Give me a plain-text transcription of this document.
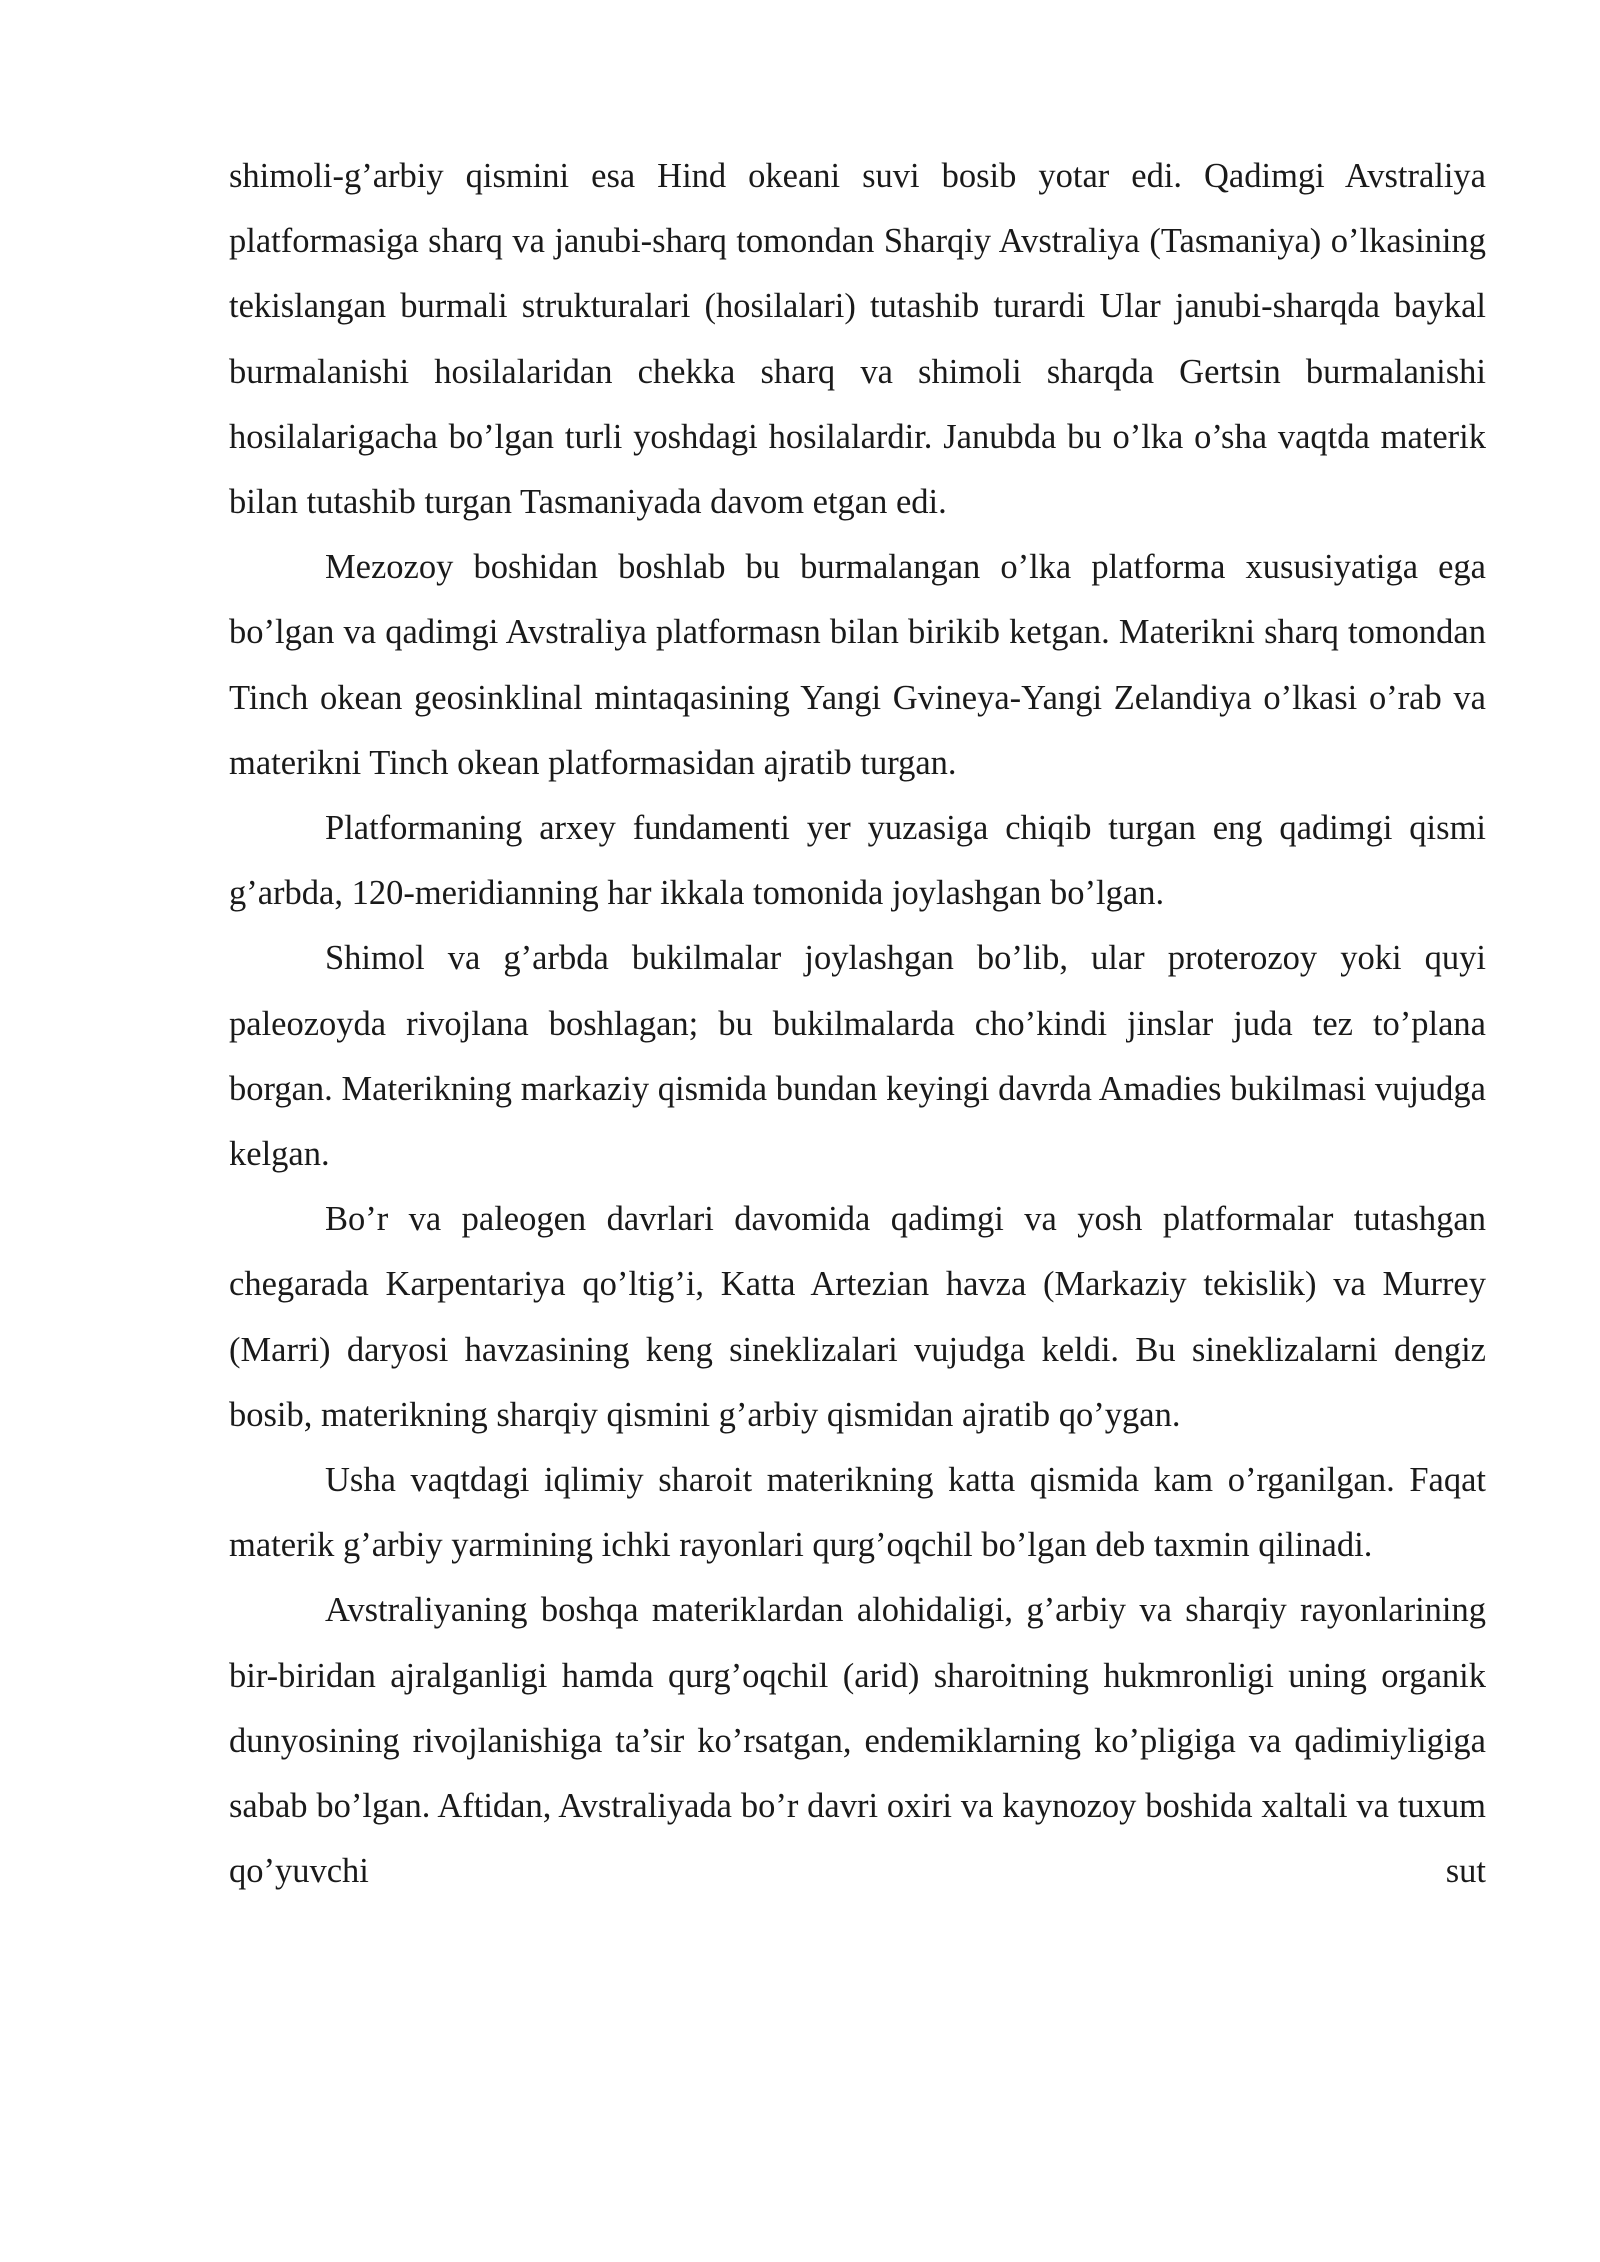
shimoli-g’arbiy qismini esa Hind okeani suvi bosib yotar edi. Qadimgi Avstraliya platformasiga sharq va janubi-sharq tomondan Sharqiy Avstraliya (Tasmaniya) o’lkasining tekislangan burmali strukturalari (hosilalari) tutashib turardi Ular janubi-sharqda baykal burmalanishi hosilalaridan chekka sharq va shimoli sharqda Gertsin burmalanishi hosilalarigacha bo’lgan turli yoshdagi hosilalardir. Janubda bu o’lka o’sha vaqtda materik bilan tutashib turgan Tasmaniyada davom etgan edi.

Mezozoy boshidan boshlab bu burmalangan o’lka platforma xususiyatiga ega bo’lgan va qadimgi Avstraliya platformasn bilan birikib ketgan. Materikni sharq tomondan Tinch okean geosinklinal mintaqasining Yangi Gvineya-Yangi Zelandiya o’lkasi o’rab va materikni Tinch okean platformasidan ajratib turgan.

Platformaning arxey fundamenti yer yuzasiga chiqib turgan eng qadimgi qismi g’arbda, 120-meridianning har ikkala tomonida joylashgan bo’lgan.

Shimol va g’arbda bukilmalar joylashgan bo’lib, ular proterozoy yoki quyi paleozoyda rivojlana boshlagan; bu bukilmalarda cho’kindi jinslar juda tez to’plana borgan. Materikning markaziy qismida bundan keyingi davrda Amadies bukilmasi vujudga kelgan.

Bo’r va paleogen davrlari davomida qadimgi va yosh platformalar tutashgan chegarada Karpentariya qo’ltig’i, Katta Artezian havza (Markaziy tekislik) va Murrey (Marri) daryosi havzasining keng sineklizalari vujudga keldi. Bu sineklizalarni dengiz bosib, materikning sharqiy qismini g’arbiy qismidan ajratib qo’ygan.

Usha vaqtdagi iqlimiy sharoit materikning katta qismida kam o’rganilgan. Faqat materik g’arbiy yarmining ichki rayonlari qurg’oqchil bo’lgan deb taxmin qilinadi.

Avstraliyaning boshqa materiklardan alohidaligi, g’arbiy va sharqiy rayonlarining bir-biridan ajralganligi hamda qurg’oqchil (arid) sharoitning hukmronligi uning organik dunyosining rivojlanishiga ta’sir ko’rsatgan, endemiklarning ko’pligiga va qadimiyligiga sabab bo’lgan. Aftidan, Avstraliyada bo’r davri oxiri va kaynozoy boshida xaltali va tuxum qo’yuvchi sut
